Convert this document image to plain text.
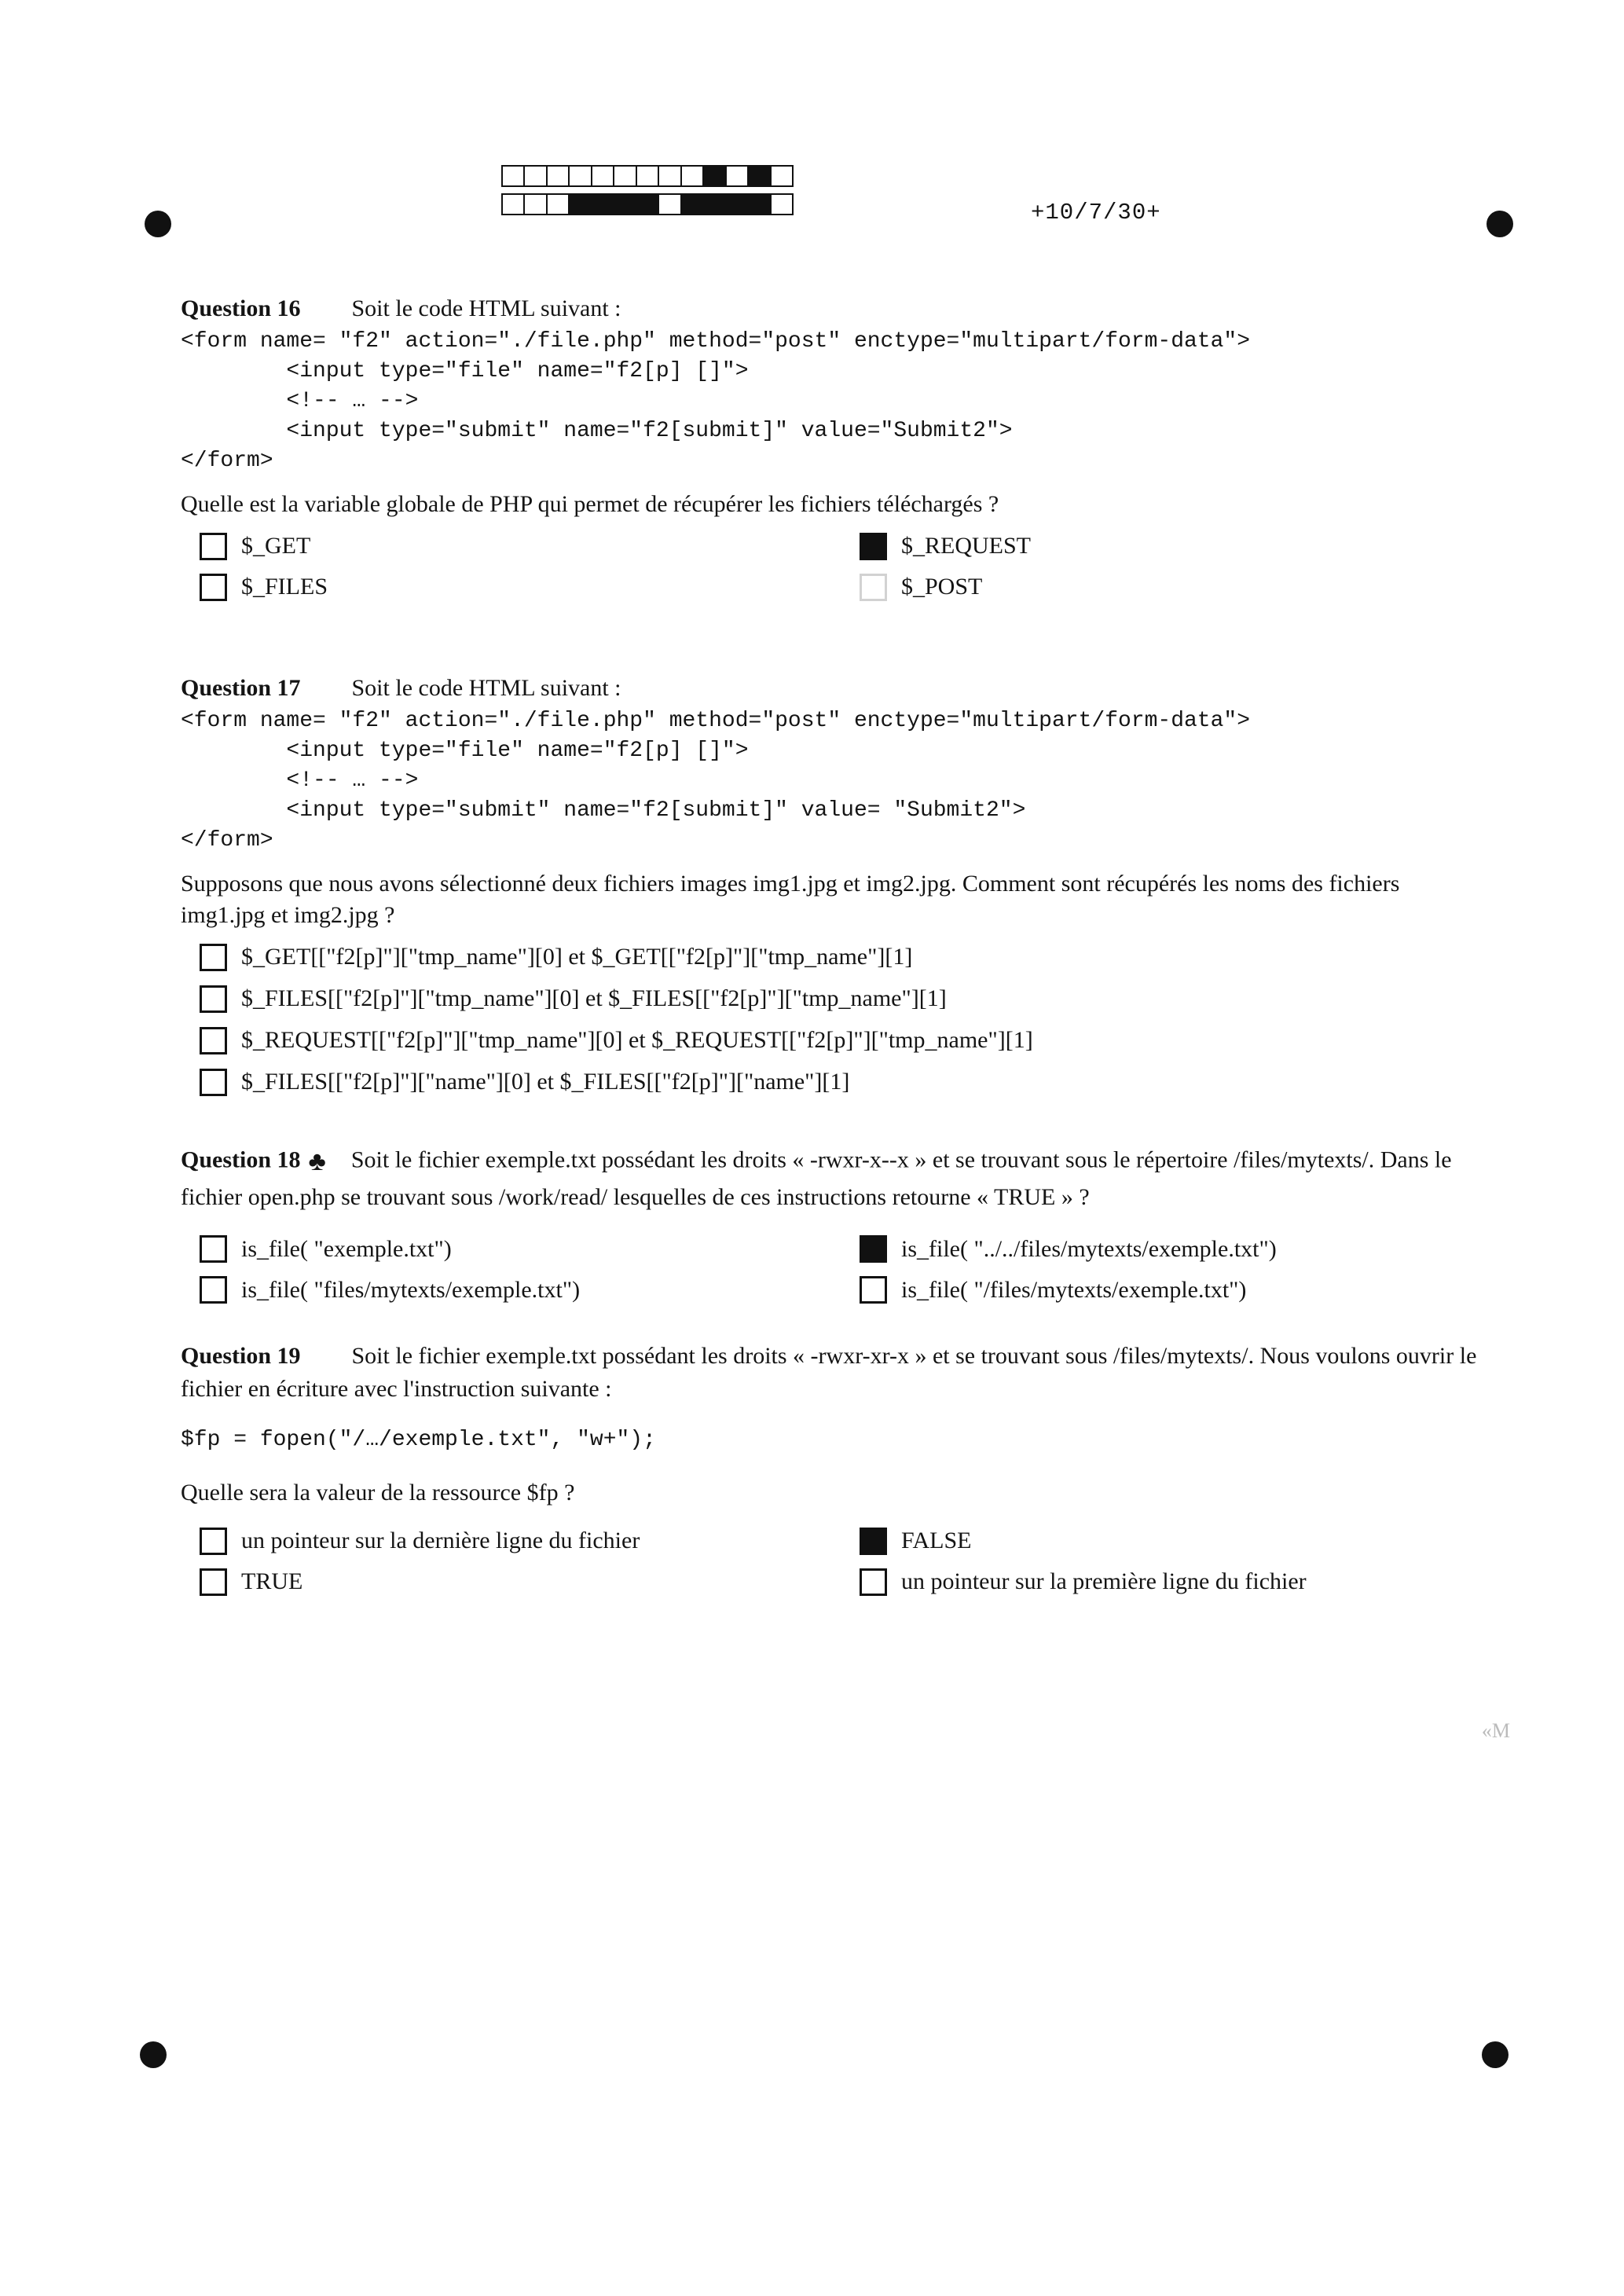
+10/7/30+
Question 16 Soit le code HTML suivant :
<form name= "f2" action="./file.php" method="post" enctype="multipart/form-data">
<input type="file" name="f2[p] []">
<!-- … -->
<input type="submit" name="f2[submit]" value="Submit2">
</form>
Quelle est la variable globale de PHP qui permet de récupérer les fichiers téléchargés ?
$_GET	$_REQUEST
$_FILES	$_POST
Question 17 Soit le code HTML suivant :
<form name= "f2" action="./file.php" method="post" enctype="multipart/form-data">
<input type="file" name="f2[p] []">
<!-- … -->
<input type="submit" name="f2[submit]" value= "Submit2">
</form>
Supposons que nous avons sélectionné deux fichiers images img1.jpg et img2.jpg. Comment sont récupérés les noms des fichiers img1.jpg et img2.jpg ?
$_GET[["f2[p]"]["tmp_name"][0] et $_GET[["f2[p]"]["tmp_name"][1]
$_FILES[["f2[p]"]["tmp_name"][0] et $_FILES[["f2[p]"]["tmp_name"][1]
$_REQUEST[["f2[p]"]["tmp_name"][0] et $_REQUEST[["f2[p]"]["tmp_name"][1]
$_FILES[["f2[p]"]["name"][0] et $_FILES[["f2[p]"]["name"][1]
Question 18 ♣ Soit le fichier exemple.txt possédant les droits « -rwxr-x--x » et se trouvant sous le répertoire /files/mytexts/. Dans le fichier open.php se trouvant sous /work/read/ lesquelles de ces instructions retourne « TRUE » ?
is_file( "exemple.txt")	is_file( "../../files/mytexts/exemple.txt")
is_file( "files/mytexts/exemple.txt")	is_file( "/files/mytexts/exemple.txt")
Question 19 Soit le fichier exemple.txt possédant les droits « -rwxr-xr-x » et se trouvant sous /files/mytexts/. Nous voulons ouvrir le fichier en écriture avec l'instruction suivante :
$fp = fopen("/…/exemple.txt", "w+");
Quelle sera la valeur de la ressource $fp ?
un pointeur sur la dernière ligne du fichier	FALSE
TRUE	un pointeur sur la première ligne du fichier
«M
